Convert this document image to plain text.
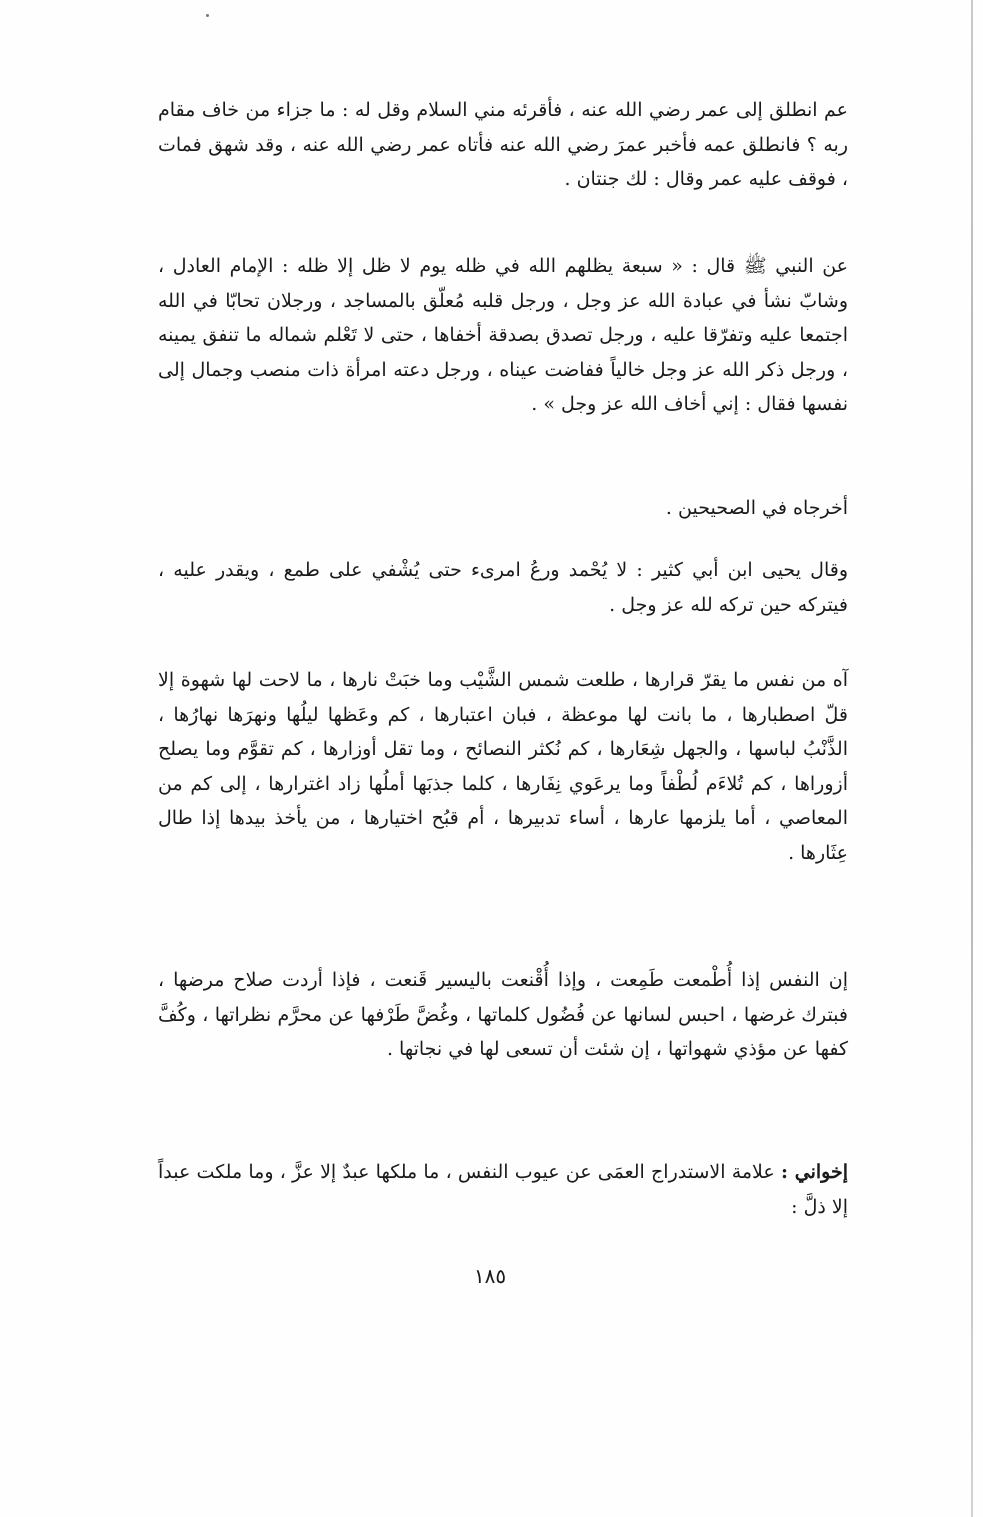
عم انطلق إلى عمر رضي الله عنه ، فأقرئه مني السلام وقل له : ما جزاء من خاف مقام ربه ؟ فانطلق عمه فأخبر عمرَ رضي الله عنه فأتاه عمر رضي الله عنه ، وقد شهق فمات ، فوقف عليه عمر وقال : لك جنتان .

عن النبي ﷺ قال : « سبعة يظلهم الله في ظله يوم لا ظل إلا ظله : الإمام العادل ، وشابّ نشأ في عبادة الله عز وجل ، ورجل قلبه مُعلّق بالمساجد ، ورجلان تحابّا في الله اجتمعا عليه وتفرّقا عليه ، ورجل تصدق بصدقة أخفاها ، حتى لا تَعْلم شماله ما تنفق يمينه ، ورجل ذكر الله عز وجل خالياً ففاضت عيناه ، ورجل دعته امرأة ذات منصب وجمال إلى نفسها فقال : إني أخاف الله عز وجل » .

أخرجاه في الصحيحين .

وقال يحيى ابن أبي كثير : لا يُحْمد ورعُ امرىء حتى يُشْفي على طمع ، ويقدر عليه ، فيتركه حين تركه لله عز وجل .

آه من نفس ما يقرّ قرارها ، طلعت شمس الشَّيْب وما خبَتْ نارها ، ما لاحت لها شهوة إلا قلّ اصطبارها ، ما بانت لها موعظة ، فبان اعتبارها ، كم وعَظها ليلُها ونهرَها نهارُها ، الذَّنْبُ لباسها ، والجهل شِعَارها ، كم نُكثر النصائح ، وما تقل أوزارها ، كم تقوَّم وما يصلح أزوراها ، كم تُلاءَم لُطْفاً وما يرعَوي نِفَارها ، كلما جذبَها أملُها زاد اغترارها ، إلى كم من المعاصي ، أما يلزمها عارها ، أساء تدبيرها ، أم قبُح اختيارها ، من يأخذ بيدها إذا طال عِثَارها .

إن النفس إذا أُطْمعت طَمِعت ، وإذا أُقْنعت باليسير قَنعت ، فإذا أردت صلاح مرضها ، فبترك غرضها ، احبس لسانها عن فُضُول كلماتها ، وغُضَّ طَرْفها عن محرَّم نظراتها ، وكُفَّ كفها عن مؤذي شهواتها ، إن شئت أن تسعى لها في نجاتها .

إخواني : علامة الاستدراج العمَى عن عيوب النفس ، ما ملكها عبدٌ إلا عزَّ ، وما ملكت عبداً إلا ذلَّ :

١٨٥
